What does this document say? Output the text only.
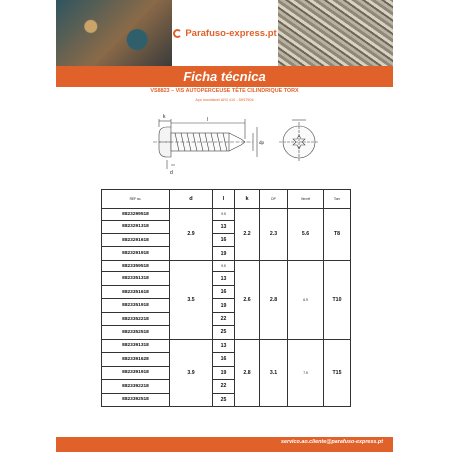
Parafuso-express.pt
Ficha técnica
VS8823 – VIS AUTOPERCEUSE TÊTE CILINDRIQUE TORX
Aço inoxidável AISI 410 - DIN7504
k	l
d
dp
REF no.	d	l	k	DP	Ver.ref	Torx
8823299518	2.9	9.5	2.2	2.3	5.6	T8
8823291318		13				
8823291618		16				
8823291918		19				
8823359518	3.5	9.5	2.6	2.8	6.9	T10
8823351318		13				
8823351618		16				
8823351918		19				
8823352218		22				
8823352518		25				
8823391318	3.9	13	2.8	3.1	7.5	T15
8823391628		16				
8823391918		19				
8823392218		22				
8823392518		25				
servico.ao.cliente@parafuso-express.pt
